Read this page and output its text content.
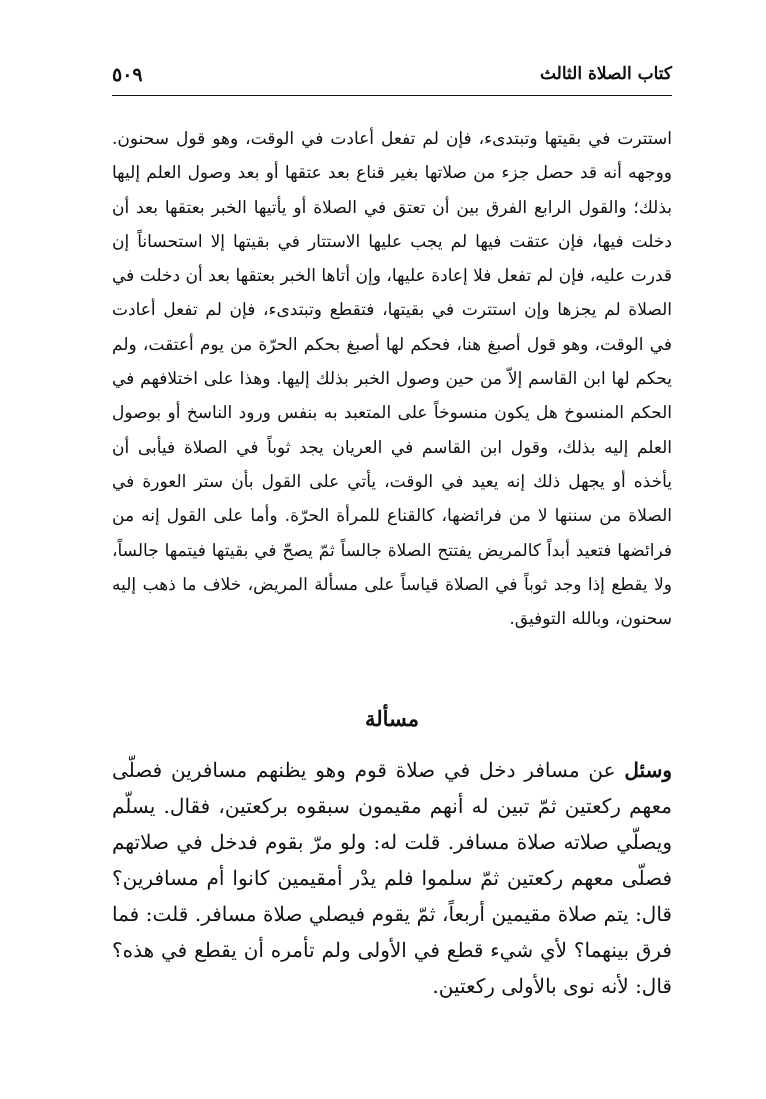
كتاب الصلاة الثالث
٥٠٩

استترت في بقيتها وتبتدىء، فإن لم تفعل أعادت في الوقت، وهو قول سحنون. ووجهه أنه قد حصل جزء من صلاتها بغير قناع بعد عتقها أو بعد وصول العلم إليها بذلك؛ والقول الرابع الفرق بين أن تعتق في الصلاة أو يأتيها الخبر بعتقها بعد أن دخلت فيها، فإن عتقت فيها لم يجب عليها الاستتار في بقيتها إلا استحساناً إن قدرت عليه، فإن لم تفعل فلا إعادة عليها، وإن أتاها الخبر بعتقها بعد أن دخلت في الصلاة لم يجزها وإن استترت في بقيتها، فتقطع وتبتدىء، فإن لم تفعل أعادت في الوقت، وهو قول أصبغ هنا، فحكم لها أصبغ بحكم الحرّة من يوم أعتقت، ولم يحكم لها ابن القاسم إلاّ من حين وصول الخبر بذلك إليها. وهذا على اختلافهم في الحكم المنسوخ هل يكون منسوخاً على المتعبد به بنفس ورود الناسخ أو بوصول العلم إليه بذلك، وقول ابن القاسم في العريان يجد ثوباً في الصلاة فيأبى أن يأخذه أو يجهل ذلك إنه يعيد في الوقت، يأتي على القول بأن ستر العورة في الصلاة من سننها لا من فرائضها، كالقناع للمرأة الحرّة. وأما على القول إنه من فرائضها فتعيد أبداً كالمريض يفتتح الصلاة جالساً ثمّ يصحّ في بقيتها فيتمها جالساً، ولا يقطع إذا وجد ثوباً في الصلاة قياساً على مسألة المريض، خلاف ما ذهب إليه سحنون، وبالله التوفيق.

مسألة

وسئل عن مسافر دخل في صلاة قوم وهو يظنهم مسافرين فصلّى معهم ركعتين ثمّ تبين له أنهم مقيمون سبقوه بركعتين، فقال. يسلّم ويصلّي صلاته صلاة مسافر. قلت له: ولو مرّ بقوم فدخل في صلاتهم فصلّى معهم ركعتين ثمّ سلموا فلم يدْر أمقيمين كانوا أم مسافرين؟ قال: يتم صلاة مقيمين أربعاً، ثمّ يقوم فيصلي صلاة مسافر. قلت: فما فرق بينهما؟ لأي شيء قطع في الأولى ولم تأمره أن يقطع في هذه؟ قال: لأنه نوى بالأولى ركعتين.
